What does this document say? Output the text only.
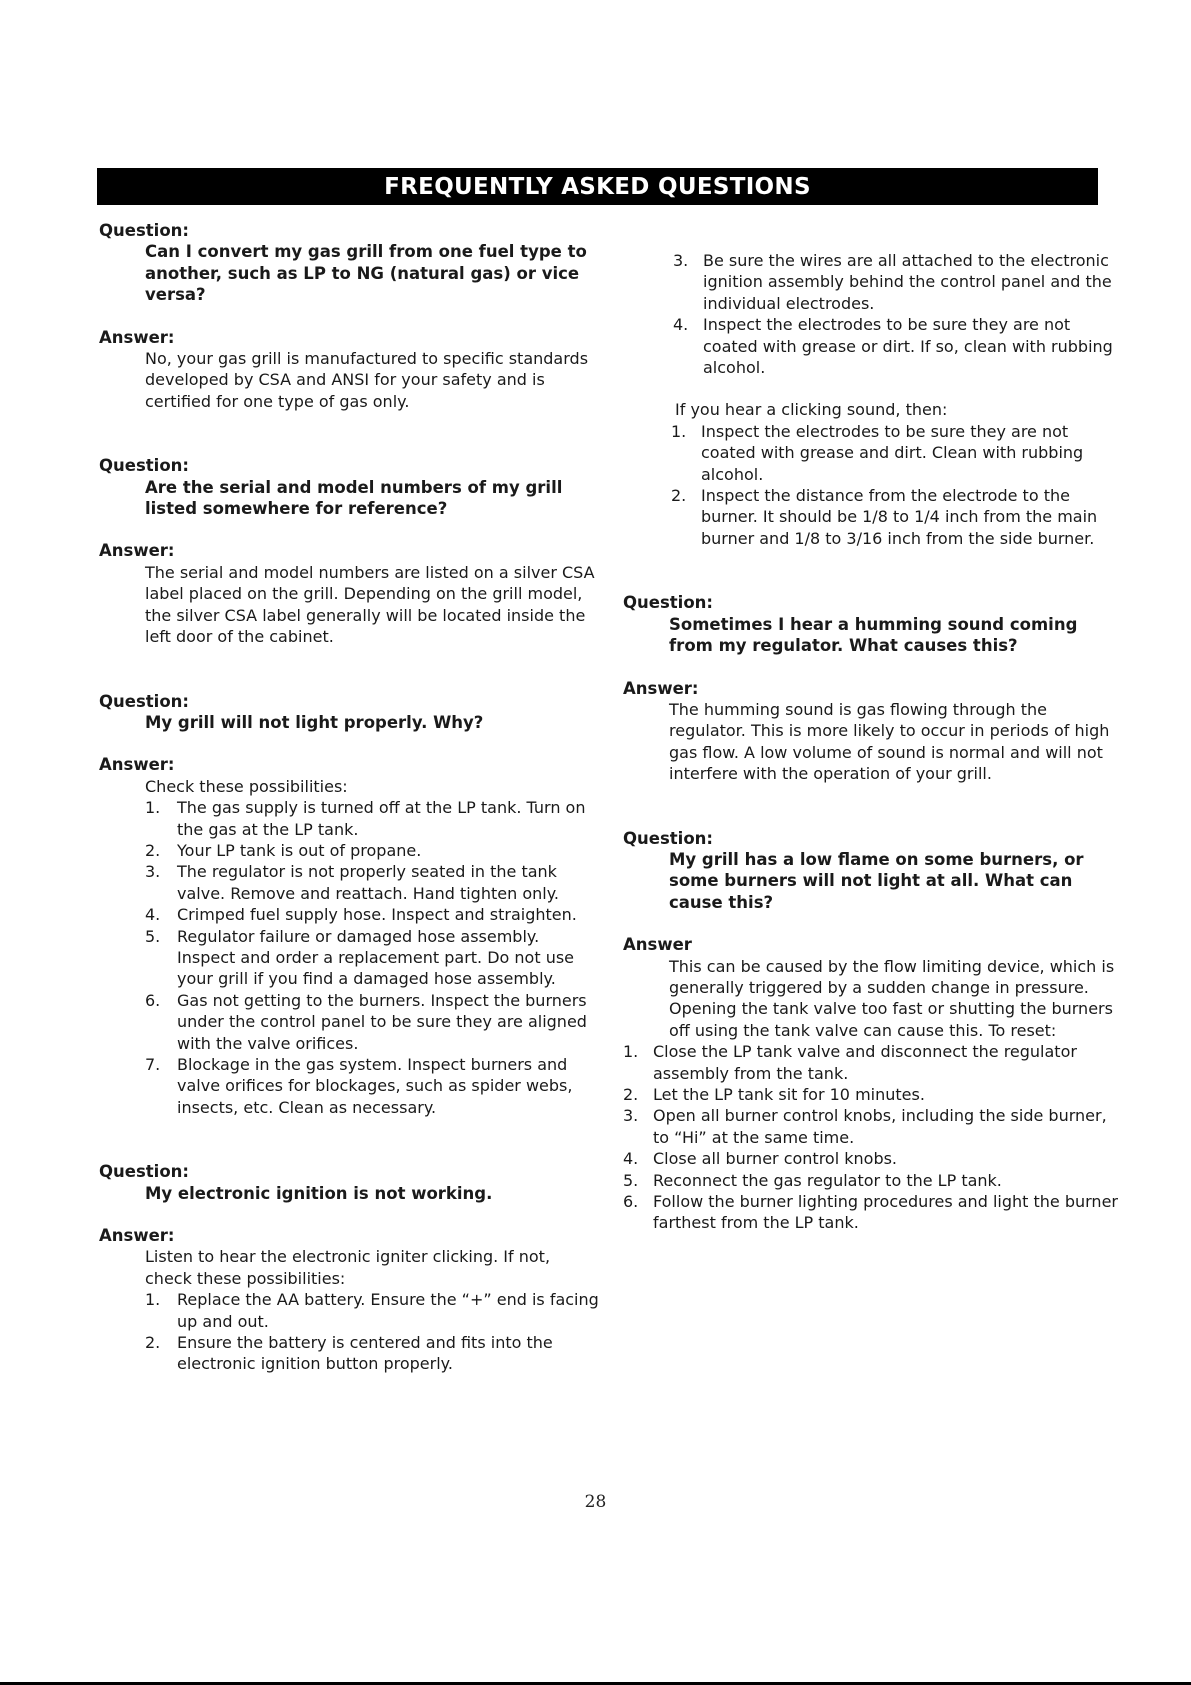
FREQUENTLY ASKED QUESTIONS
Question:
Can I convert my gas grill from one fuel type to another, such as LP to NG (natural gas) or vice versa?
Answer:
No, your gas grill is manufactured to specific standards developed by CSA and ANSI for your safety and is certified for one type of gas only.
Question:
Are the serial and model numbers of my grill listed somewhere for reference?
Answer:
The serial and model numbers are listed on a silver CSA label placed on the grill. Depending on the grill model, the silver CSA label generally will be located inside the left door of the cabinet.
Question:
My grill will not light properly. Why?
Answer:
Check these possibilities:
1. The gas supply is turned off at the LP tank. Turn on the gas at the LP tank.
2. Your LP tank is out of propane.
3. The regulator is not properly seated in the tank valve. Remove and reattach. Hand tighten only.
4. Crimped fuel supply hose. Inspect and straighten.
5. Regulator failure or damaged hose assembly. Inspect and order a replacement part. Do not use your grill if you find a damaged hose assembly.
6. Gas not getting to the burners. Inspect the burners under the control panel to be sure they are aligned with the valve orifices.
7. Blockage in the gas system. Inspect burners and valve orifices for blockages, such as spider webs, insects, etc. Clean as necessary.
Question:
My electronic ignition is not working.
Answer:
Listen to hear the electronic igniter clicking. If not, check these possibilities:
1. Replace the AA battery. Ensure the “+” end is facing up and out.
2. Ensure the battery is centered and fits into the electronic ignition button properly.
3. Be sure the wires are all attached to the electronic ignition assembly behind the control panel and the individual electrodes.
4. Inspect the electrodes to be sure they are not coated with grease or dirt. If so, clean with rubbing alcohol.
If you hear a clicking sound, then:
1. Inspect the electrodes to be sure they are not coated with grease and dirt. Clean with rubbing alcohol.
2. Inspect the distance from the electrode to the burner. It should be 1/8 to 1/4 inch from the main burner and 1/8 to 3/16 inch from the side burner.
Question:
Sometimes I hear a humming sound coming from my regulator. What causes this?
Answer:
The humming sound is gas flowing through the regulator. This is more likely to occur in periods of high gas flow. A low volume of sound is normal and will not interfere with the operation of your grill.
Question:
My grill has a low flame on some burners, or some burners will not light at all. What can cause this?
Answer
This can be caused by the flow limiting device, which is generally triggered by a sudden change in pressure. Opening the tank valve too fast or shutting the burners off using the tank valve can cause this. To reset:
1. Close the LP tank valve and disconnect the regulator assembly from the tank.
2. Let the LP tank sit for 10 minutes.
3. Open all burner control knobs, including the side burner, to “Hi” at the same time.
4. Close all burner control knobs.
5. Reconnect the gas regulator to the LP tank.
6. Follow the burner lighting procedures and light the burner farthest from the LP tank.
28
